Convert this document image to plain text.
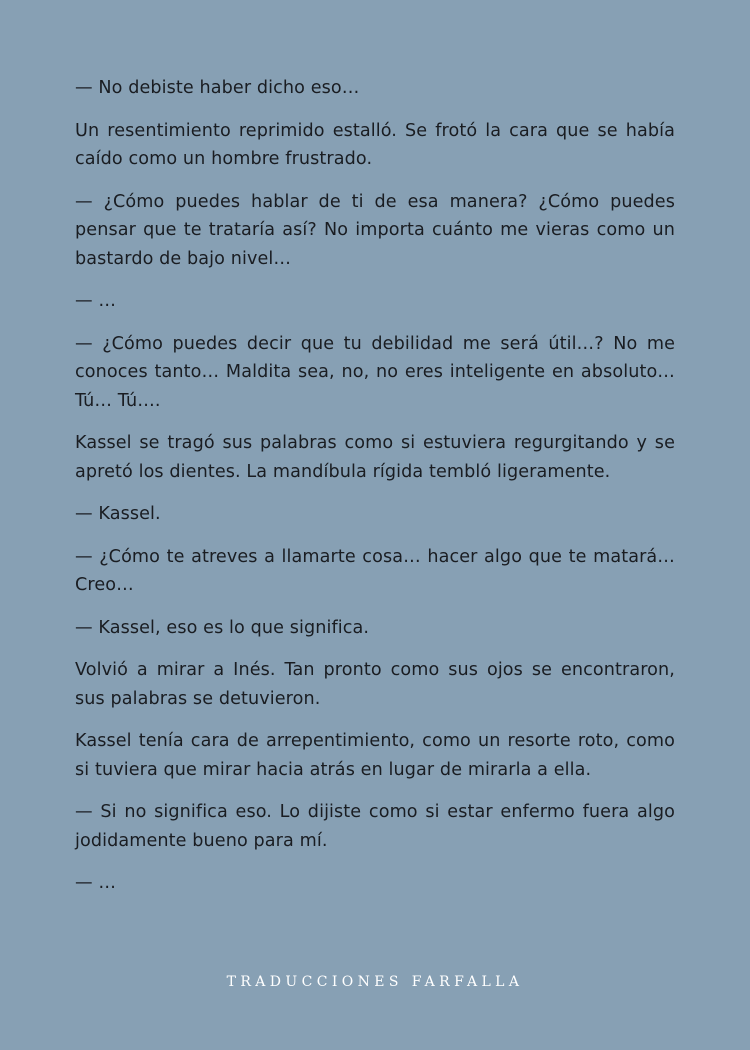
— No debiste haber dicho eso…

Un resentimiento reprimido estalló. Se frotó la cara que se había caído como un hombre frustrado.

— ¿Cómo puedes hablar de ti de esa manera? ¿Cómo puedes pensar que te trataría así? No importa cuánto me vieras como un bastardo de bajo nivel…

— …

— ¿Cómo puedes decir que tu debilidad me será útil…? No me conoces tanto… Maldita sea, no, no eres inteligente en absoluto… Tú… Tú….

Kassel se tragó sus palabras como si estuviera regurgitando y se apretó los dientes. La mandíbula rígida tembló ligeramente.

— Kassel.

— ¿Cómo te atreves a llamarte cosa… hacer algo que te matará… Creo…

— Kassel, eso es lo que significa.

Volvió a mirar a Inés. Tan pronto como sus ojos se encontraron, sus palabras se detuvieron.

Kassel tenía cara de arrepentimiento, como un resorte roto, como si tuviera que mirar hacia atrás en lugar de mirarla a ella.

— Si no significa eso. Lo dijiste como si estar enfermo fuera algo jodidamente bueno para mí.

— …

TRADUCCIONES FARFALLA
